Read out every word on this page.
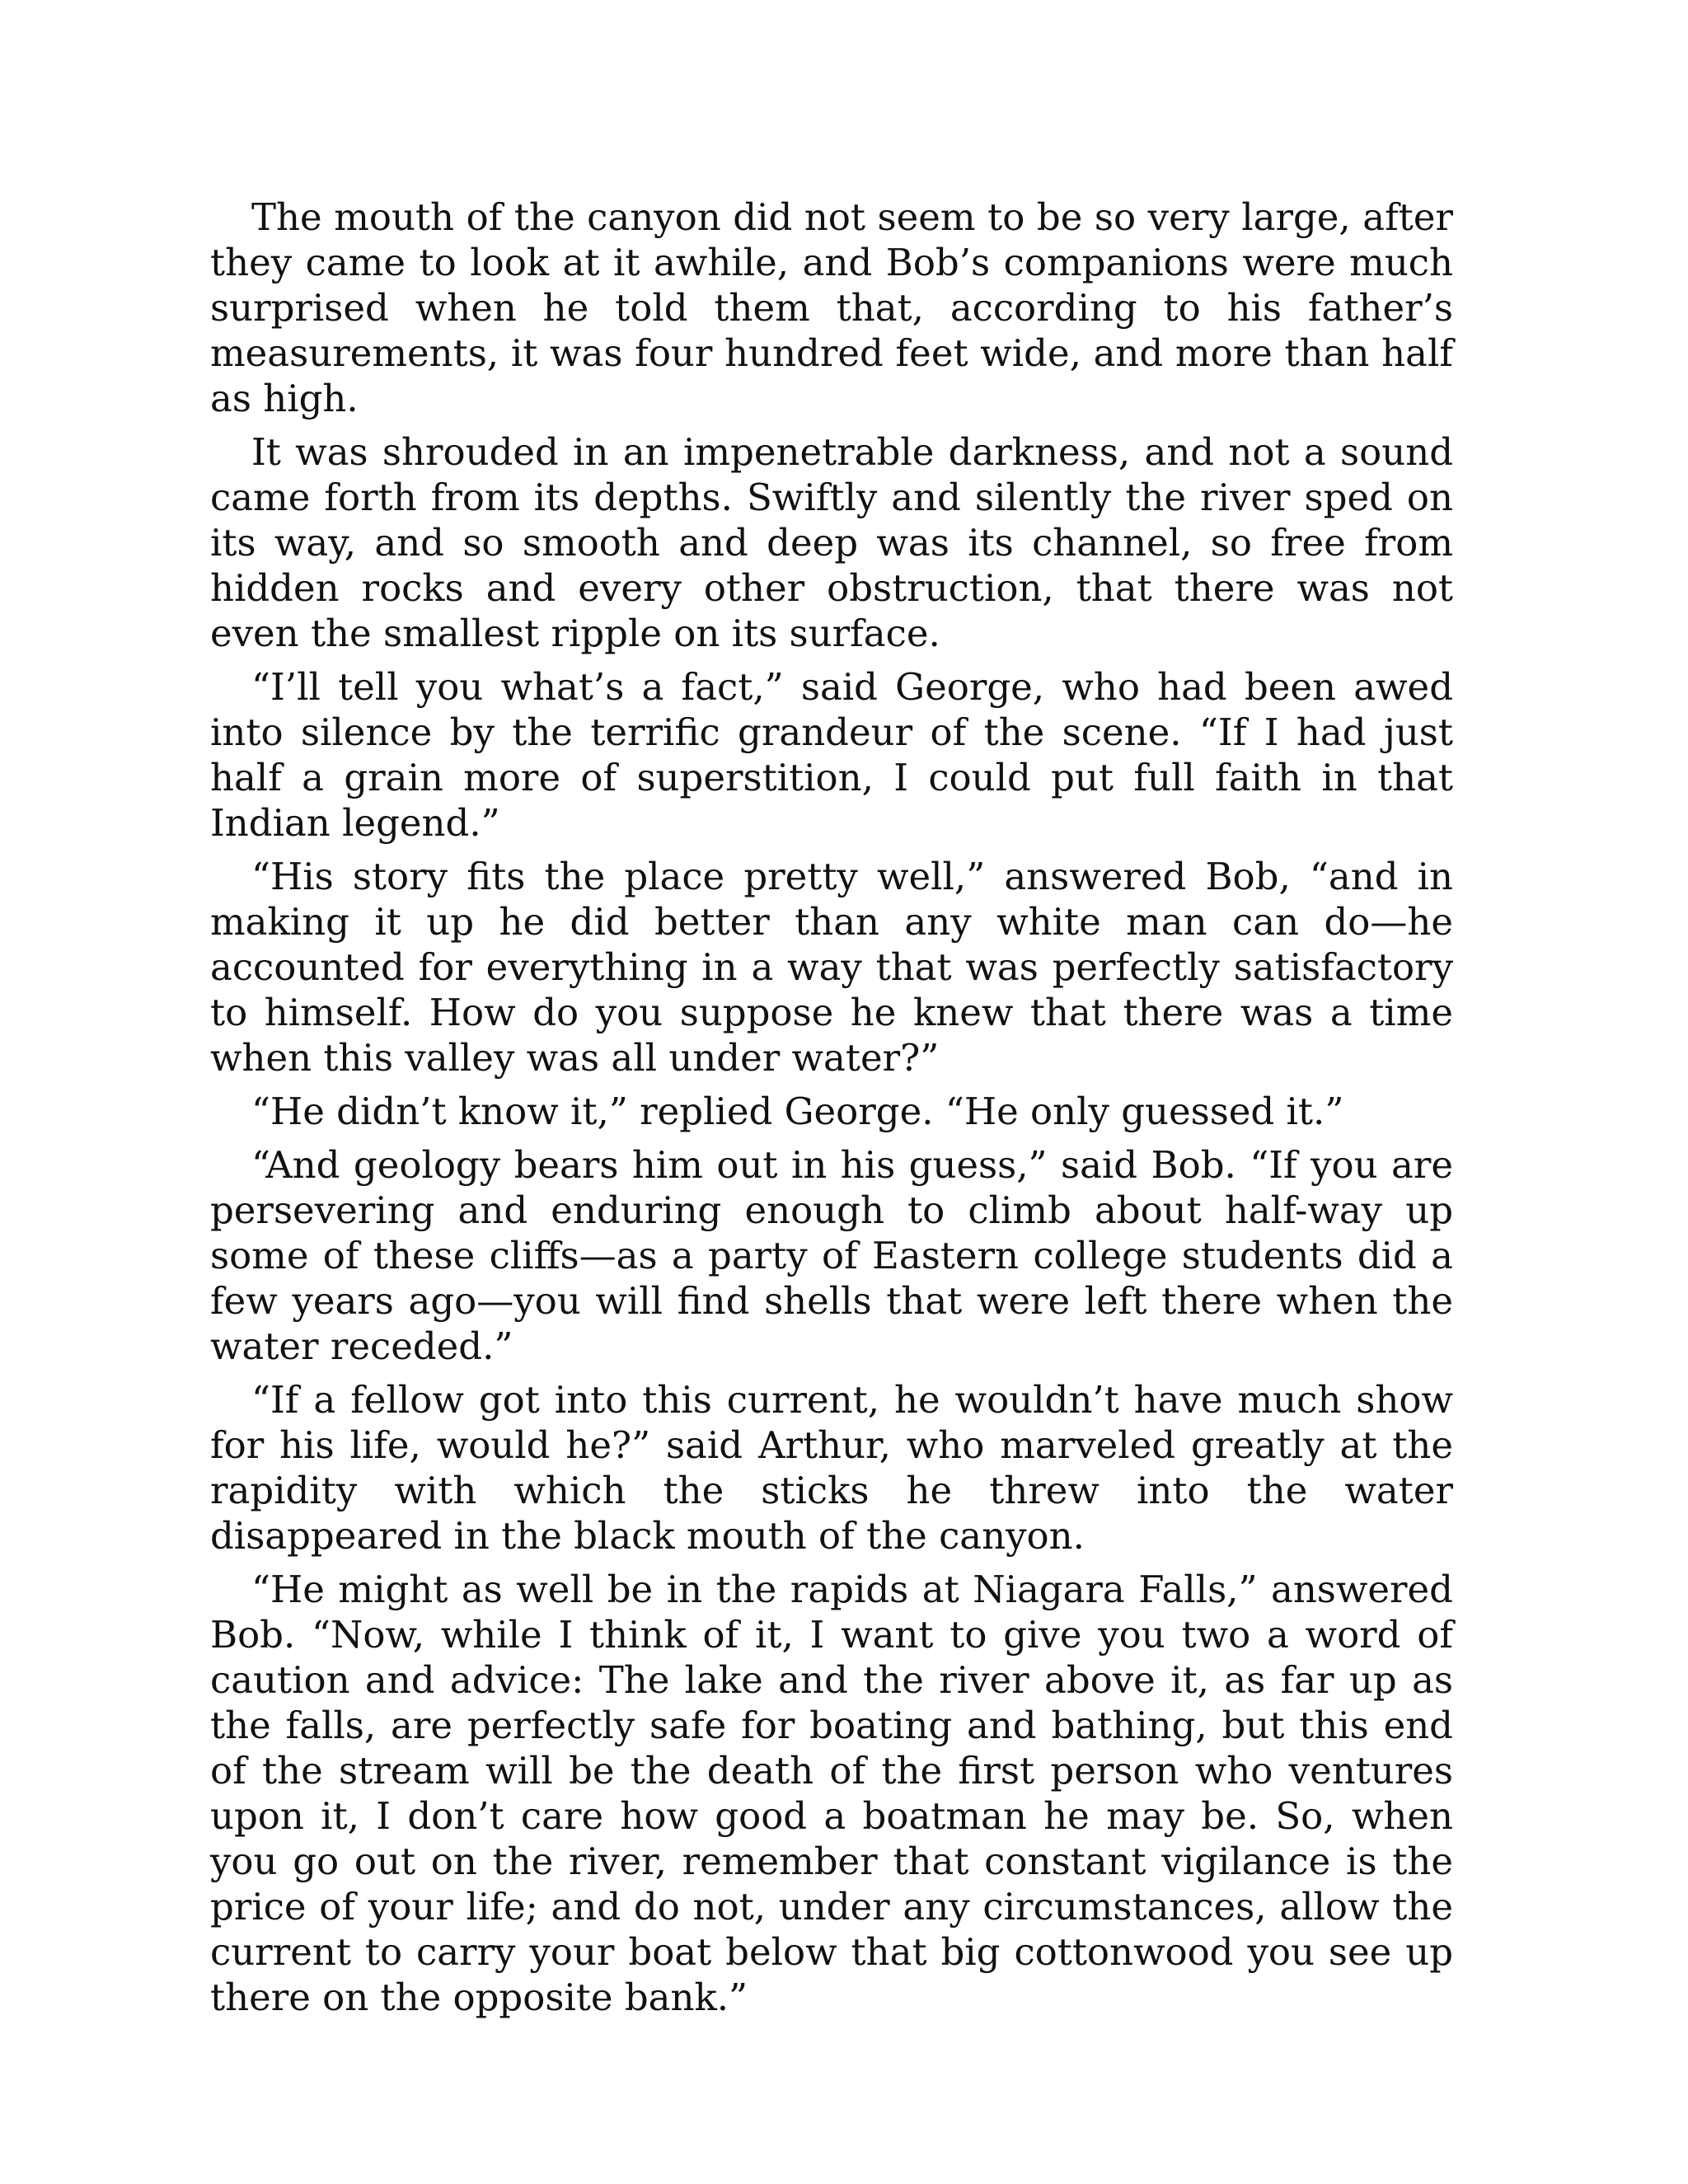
The mouth of the canyon did not seem to be so very large, after they came to look at it awhile, and Bob’s companions were much surprised when he told them that, according to his father’s measurements, it was four hundred feet wide, and more than half as high.

It was shrouded in an impenetrable darkness, and not a sound came forth from its depths. Swiftly and silently the river sped on its way, and so smooth and deep was its channel, so free from hidden rocks and every other obstruction, that there was not even the smallest ripple on its surface.

“I’ll tell you what’s a fact,” said George, who had been awed into silence by the terrific grandeur of the scene. “If I had just half a grain more of superstition, I could put full faith in that Indian legend.”

“His story fits the place pretty well,” answered Bob, “and in making it up he did better than any white man can do—he accounted for everything in a way that was perfectly satisfactory to himself. How do you suppose he knew that there was a time when this valley was all under water?”

“He didn’t know it,” replied George. “He only guessed it.”

“And geology bears him out in his guess,” said Bob. “If you are persevering and enduring enough to climb about half-way up some of these cliffs—as a party of Eastern college students did a few years ago—you will find shells that were left there when the water receded.”

“If a fellow got into this current, he wouldn’t have much show for his life, would he?” said Arthur, who marveled greatly at the rapidity with which the sticks he threw into the water disappeared in the black mouth of the canyon.

“He might as well be in the rapids at Niagara Falls,” answered Bob. “Now, while I think of it, I want to give you two a word of caution and advice: The lake and the river above it, as far up as the falls, are perfectly safe for boating and bathing, but this end of the stream will be the death of the first person who ventures upon it, I don’t care how good a boatman he may be. So, when you go out on the river, remember that constant vigilance is the price of your life; and do not, under any circumstances, allow the current to carry your boat below that big cottonwood you see up there on the opposite bank.”
